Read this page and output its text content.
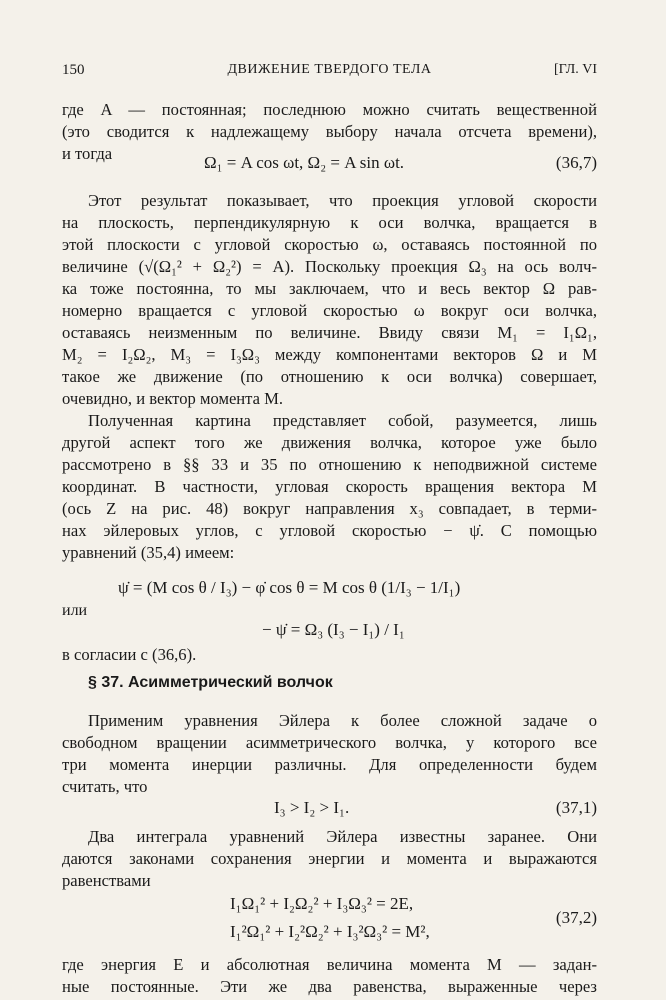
150	ДВИЖЕНИЕ ТВЕРДОГО ТЕЛА	[ГЛ. VI
где A — постоянная; последнюю можно считать вещественной
(это сводится к надлежащему выбору начала отсчета времени),
и тогда	Ω₁ = A cos ωt, Ω₂ = A sin ωt.	(36,7)
Этот результат показывает, что проекция угловой скорости
на плоскость, перпендикулярную к оси волчка, вращается в
этой плоскости с угловой скоростью ω, оставаясь постоянной по
величине (√(Ω₁² + Ω₂²) = A). Поскольку проекция Ω₃ на ось волч-
ка тоже постоянна, то мы заключаем, что и весь вектор Ω рав-
номерно вращается с угловой скоростью ω вокруг оси волчка,
оставаясь неизменным по величине. Ввиду связи M₁ = I₁Ω₁,
M₂ = I₂Ω₂, M₃ = I₃Ω₃ между компонентами векторов Ω и M
такое же движение (по отношению к оси волчка) совершает,
очевидно, и вектор момента M.
Полученная картина представляет собой, разумеется, лишь
другой аспект того же движения волчка, которое уже было
рассмотрено в §§ 33 и 35 по отношению к неподвижной системе
координат. В частности, угловая скорость вращения вектора M
(ось Z на рис. 48) вокруг направления x₃ совпадает, в терми-
нах эйлеровых углов, с угловой скоростью − ψ̇. С помощью
уравнений (35,4) имеем:
ψ̇ = (M cos θ / I₃) − φ̇ cos θ = M cos θ (1/I₃ − 1/I₁)
или
− ψ̇ = Ω₃ (I₃ − I₁) / I₁
в согласии с (36,6).
§ 37. Асимметрический волчок
Применим уравнения Эйлера к более сложной задаче о
свободном вращении асимметрического волчка, у которого все
три момента инерции различны. Для определенности будем
считать, что
I₃ > I₂ > I₁.	(37,1)
Два интеграла уравнений Эйлера известны заранее. Они
даются законами сохранения энергии и момента и выражаются
равенствами
I₁Ω₁² + I₂Ω₂² + I₃Ω₃² = 2E,
I₁²Ω₁² + I₂²Ω₂² + I₃²Ω₃² = M²,
(37,2)
где энергия E и абсолютная величина момента M — задан-
ные постоянные. Эти же два равенства, выраженные через
